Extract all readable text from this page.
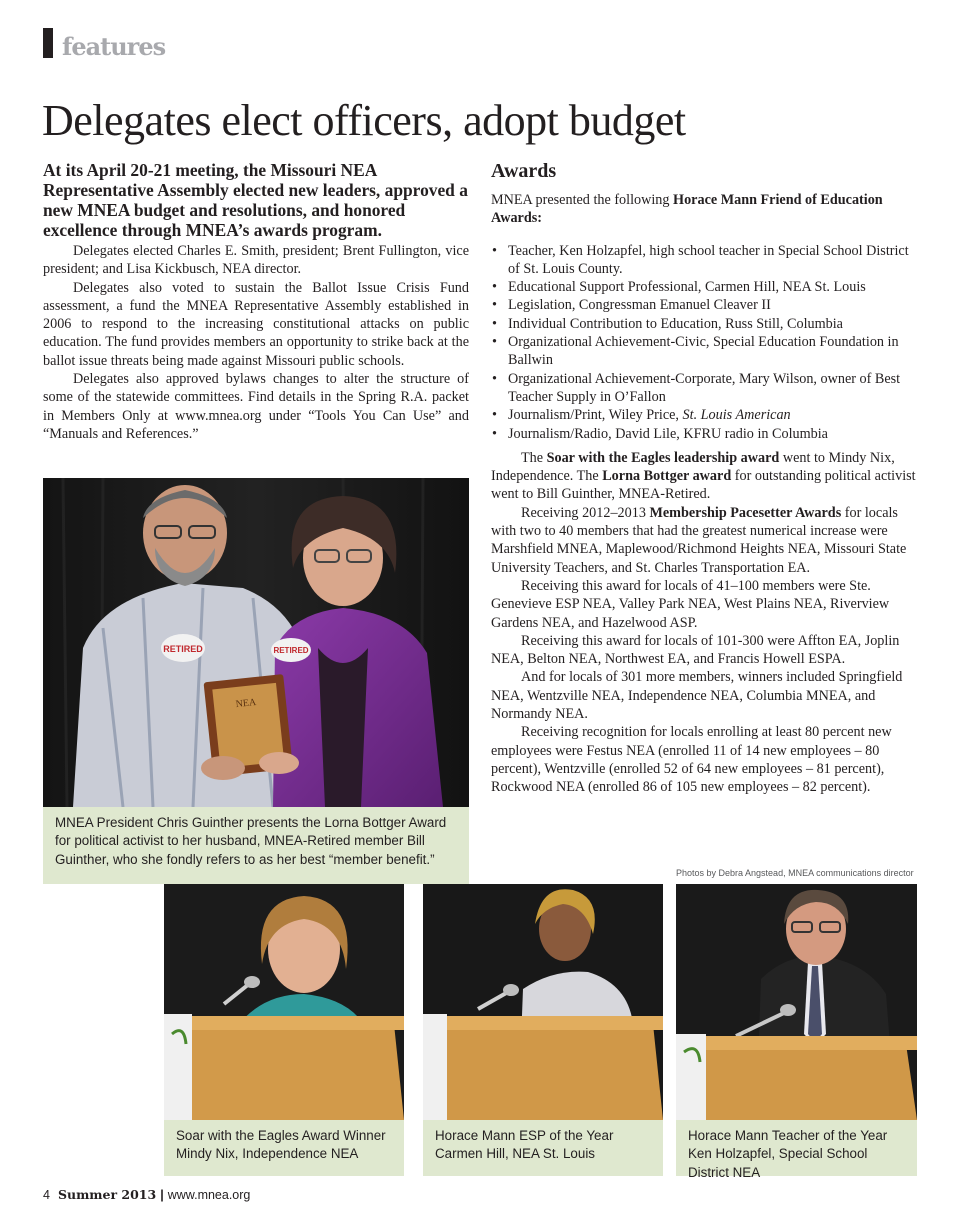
features
Delegates elect officers, adopt budget

At its April 20-21 meeting, the Missouri NEA Representative Assembly elected new leaders, approved a new MNEA budget and resolutions, and honored excellence through MNEA’s awards program.

Delegates elected Charles E. Smith, president; Brent Fullington, vice president; and Lisa Kickbusch, NEA director.

Delegates also voted to sustain the Ballot Issue Crisis Fund assessment, a fund the MNEA Representative Assembly established in 2006 to respond to the increasing constitutional attacks on public education. The fund provides members an opportunity to strike back at the ballot issue threats being made against Missouri public schools.

Delegates also approved bylaws changes to alter the structure of some of the statewide committees. Find details in the Spring R.A. packet in Members Only at www.mnea.org under “Tools You Can Use” and “Manuals and References.”

Awards

MNEA presented the following Horace Mann Friend of Education Awards:

• Teacher, Ken Holzapfel, high school teacher in Special School District of St. Louis County.
• Educational Support Professional, Carmen Hill, NEA St. Louis
• Legislation, Congressman Emanuel Cleaver II
• Individual Contribution to Education, Russ Still, Columbia
• Organizational Achievement-Civic, Special Education Foundation in Ballwin
• Organizational Achievement-Corporate, Mary Wilson, owner of Best Teacher Supply in O’Fallon
• Journalism/Print, Wiley Price, St. Louis American
• Journalism/Radio, David Lile, KFRU radio in Columbia

The Soar with the Eagles leadership award went to Mindy Nix, Independence. The Lorna Bottger award for outstanding political activist went to Bill Guinther, MNEA-Retired.

Receiving 2012–2013 Membership Pacesetter Awards for locals with two to 40 members that had the greatest numerical increase were Marshfield MNEA, Maplewood/Richmond Heights NEA, Missouri State University Teachers, and St. Charles Transportation EA.

Receiving this award for locals of 41–100 members were Ste. Genevieve ESP NEA, Valley Park NEA, West Plains NEA, Riverview Gardens NEA, and Hazelwood ASP.

Receiving this award for locals of 101-300 were Affton EA, Joplin NEA, Belton NEA, Northwest EA, and Francis Howell ESPA.

And for locals of 301 more members, winners included Springfield NEA, Wentzville NEA, Independence NEA, Columbia MNEA, and Normandy NEA.

Receiving recognition for locals enrolling at least 80 percent new employees were Festus NEA (enrolled 11 of 14 new employees – 80 percent), Wentzville (enrolled 52 of 64 new employees – 81 percent), Rockwood NEA (enrolled 86 of 105 new employees – 82 percent).

RETIRED	RETIRED
NEA
MNEA President Chris Guinther presents the Lorna Bottger Award for political activist to her husband, MNEA-Retired member Bill Guinther, who she fondly refers to as her best “member benefit.”
Photos by Debra Angstead, MNEA communications director
Soar with the Eagles Award Winner Mindy Nix, Independence NEA
Horace Mann ESP of the Year Carmen Hill, NEA St. Louis
Horace Mann Teacher of the Year Ken Holzapfel, Special School District NEA
4 Summer 2013 | www.mnea.org
